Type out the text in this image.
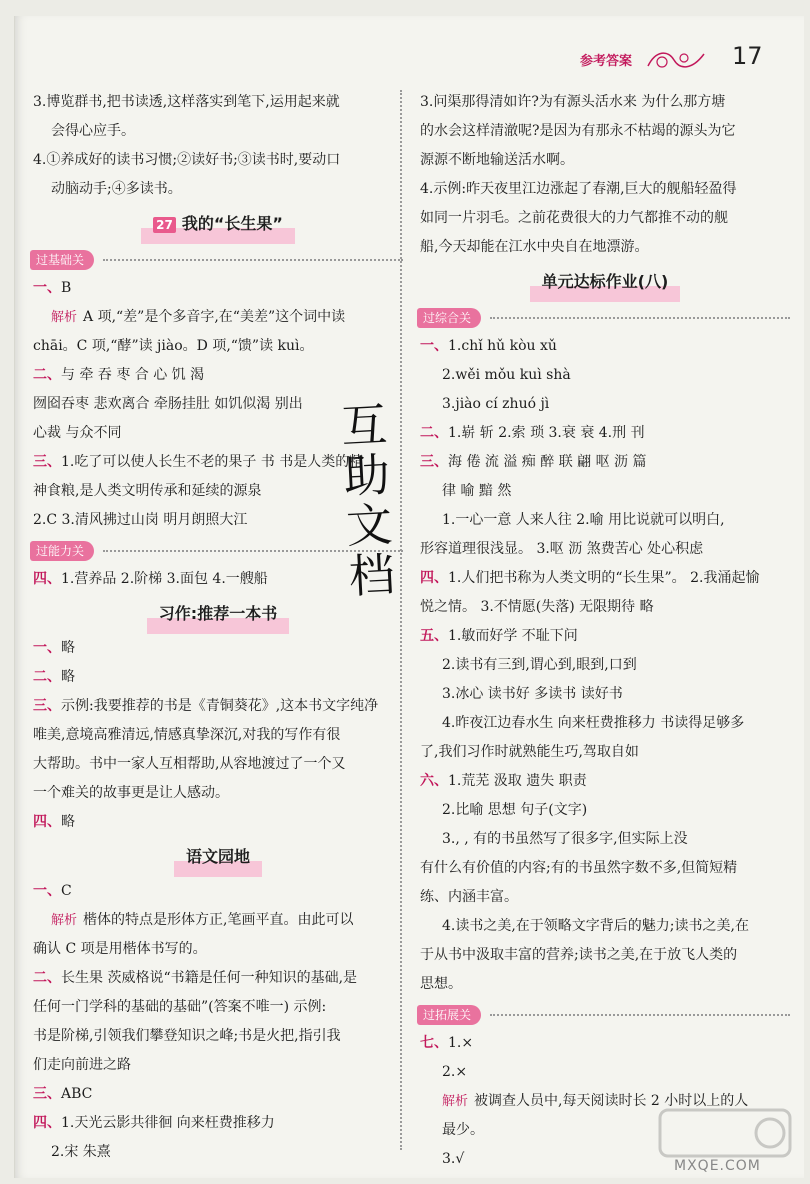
参考答案	17
3.博览群书,把书读透,这样落实到笔下,运用起来就
会得心应手。
4.①养成好的读书习惯;②读好书;③读书时,要动口
动脑动手;④多读书。
27 我的“长生果”
过基础关
一、B
解析 A 项,“差”是个多音字,在“美差”这个词中读
chāi。C 项,“酵”读 jiào。D 项,“馈”读 kuì。
二、与 牵 吞 枣 合 心 饥 渴
囫囵吞枣 悲欢离合 牵肠挂肚 如饥似渴 别出
心裁 与众不同
三、1.吃了可以使人长生不老的果子 书 书是人类的精
神食粮,是人类文明传承和延续的源泉
2.C 3.清风拂过山岗 明月朗照大江
过能力关
四、1.营养品 2.阶梯 3.面包 4.一艘船
习作:推荐一本书
一、略
二、略
三、示例:我要推荐的书是《青铜葵花》,这本书文字纯净
唯美,意境高雅清远,情感真挚深沉,对我的写作有很
大帮助。书中一家人互相帮助,从容地渡过了一个又
一个难关的故事更是让人感动。
四、略
语文园地
一、C
解析 楷体的特点是形体方正,笔画平直。由此可以
确认 C 项是用楷体书写的。
二、长生果 茨威格说“书籍是任何一种知识的基础,是
任何一门学科的基础的基础”(答案不唯一) 示例:
书是阶梯,引领我们攀登知识之峰;书是火把,指引我
们走向前进之路
三、ABC
四、1.天光云影共徘徊 向来枉费推移力
2.宋 朱熹
互
助
文
档
3.问渠那得清如许?为有源头活水来 为什么那方塘
的水会这样清澈呢?是因为有那永不枯竭的源头为它
源源不断地输送活水啊。
4.示例:昨天夜里江边涨起了春潮,巨大的舰船轻盈得
如同一片羽毛。之前花费很大的力气都推不动的舰
船,今天却能在江水中央自在地漂游。
单元达标作业(八)
过综合关
一、1.chǐ hǔ kòu xǔ
2.wěi mǒu kuì shà
3.jiào cí zhuó jì
二、1.崭 斩 2.索 琐 3.衰 衰 4.刑 刊
三、海 倦 流 溢 痴 醉 联 翩 呕 沥 篇
律 喻 黯 然
1.一心一意 人来人往 2.喻 用比说就可以明白,
形容道理很浅显。 3.呕 沥 煞费苦心 处心积虑
四、1.人们把书称为人类文明的“长生果”。 2.我涌起愉
悦之情。 3.不情愿(失落) 无限期待 略
五、1.敏而好学 不耻下问
2.读书有三到,谓心到,眼到,口到
3.冰心 读书好 多读书 读好书
4.昨夜江边春水生 向来枉费推移力 书读得足够多
了,我们习作时就熟能生巧,驾取自如
六、1.荒芜 汲取 遗失 职责
2.比喻 思想 句子(文字)
3., , 有的书虽然写了很多字,但实际上没
有什么有价值的内容;有的书虽然字数不多,但简短精
练、内涵丰富。
4.读书之美,在于领略文字背后的魅力;读书之美,在
于从书中汲取丰富的营养;读书之美,在于放飞人类的
思想。
过拓展关
七、1.×
2.×
解析 被调查人员中,每天阅读时长 2 小时以上的人
最少。
3.√	MXQE.COM
